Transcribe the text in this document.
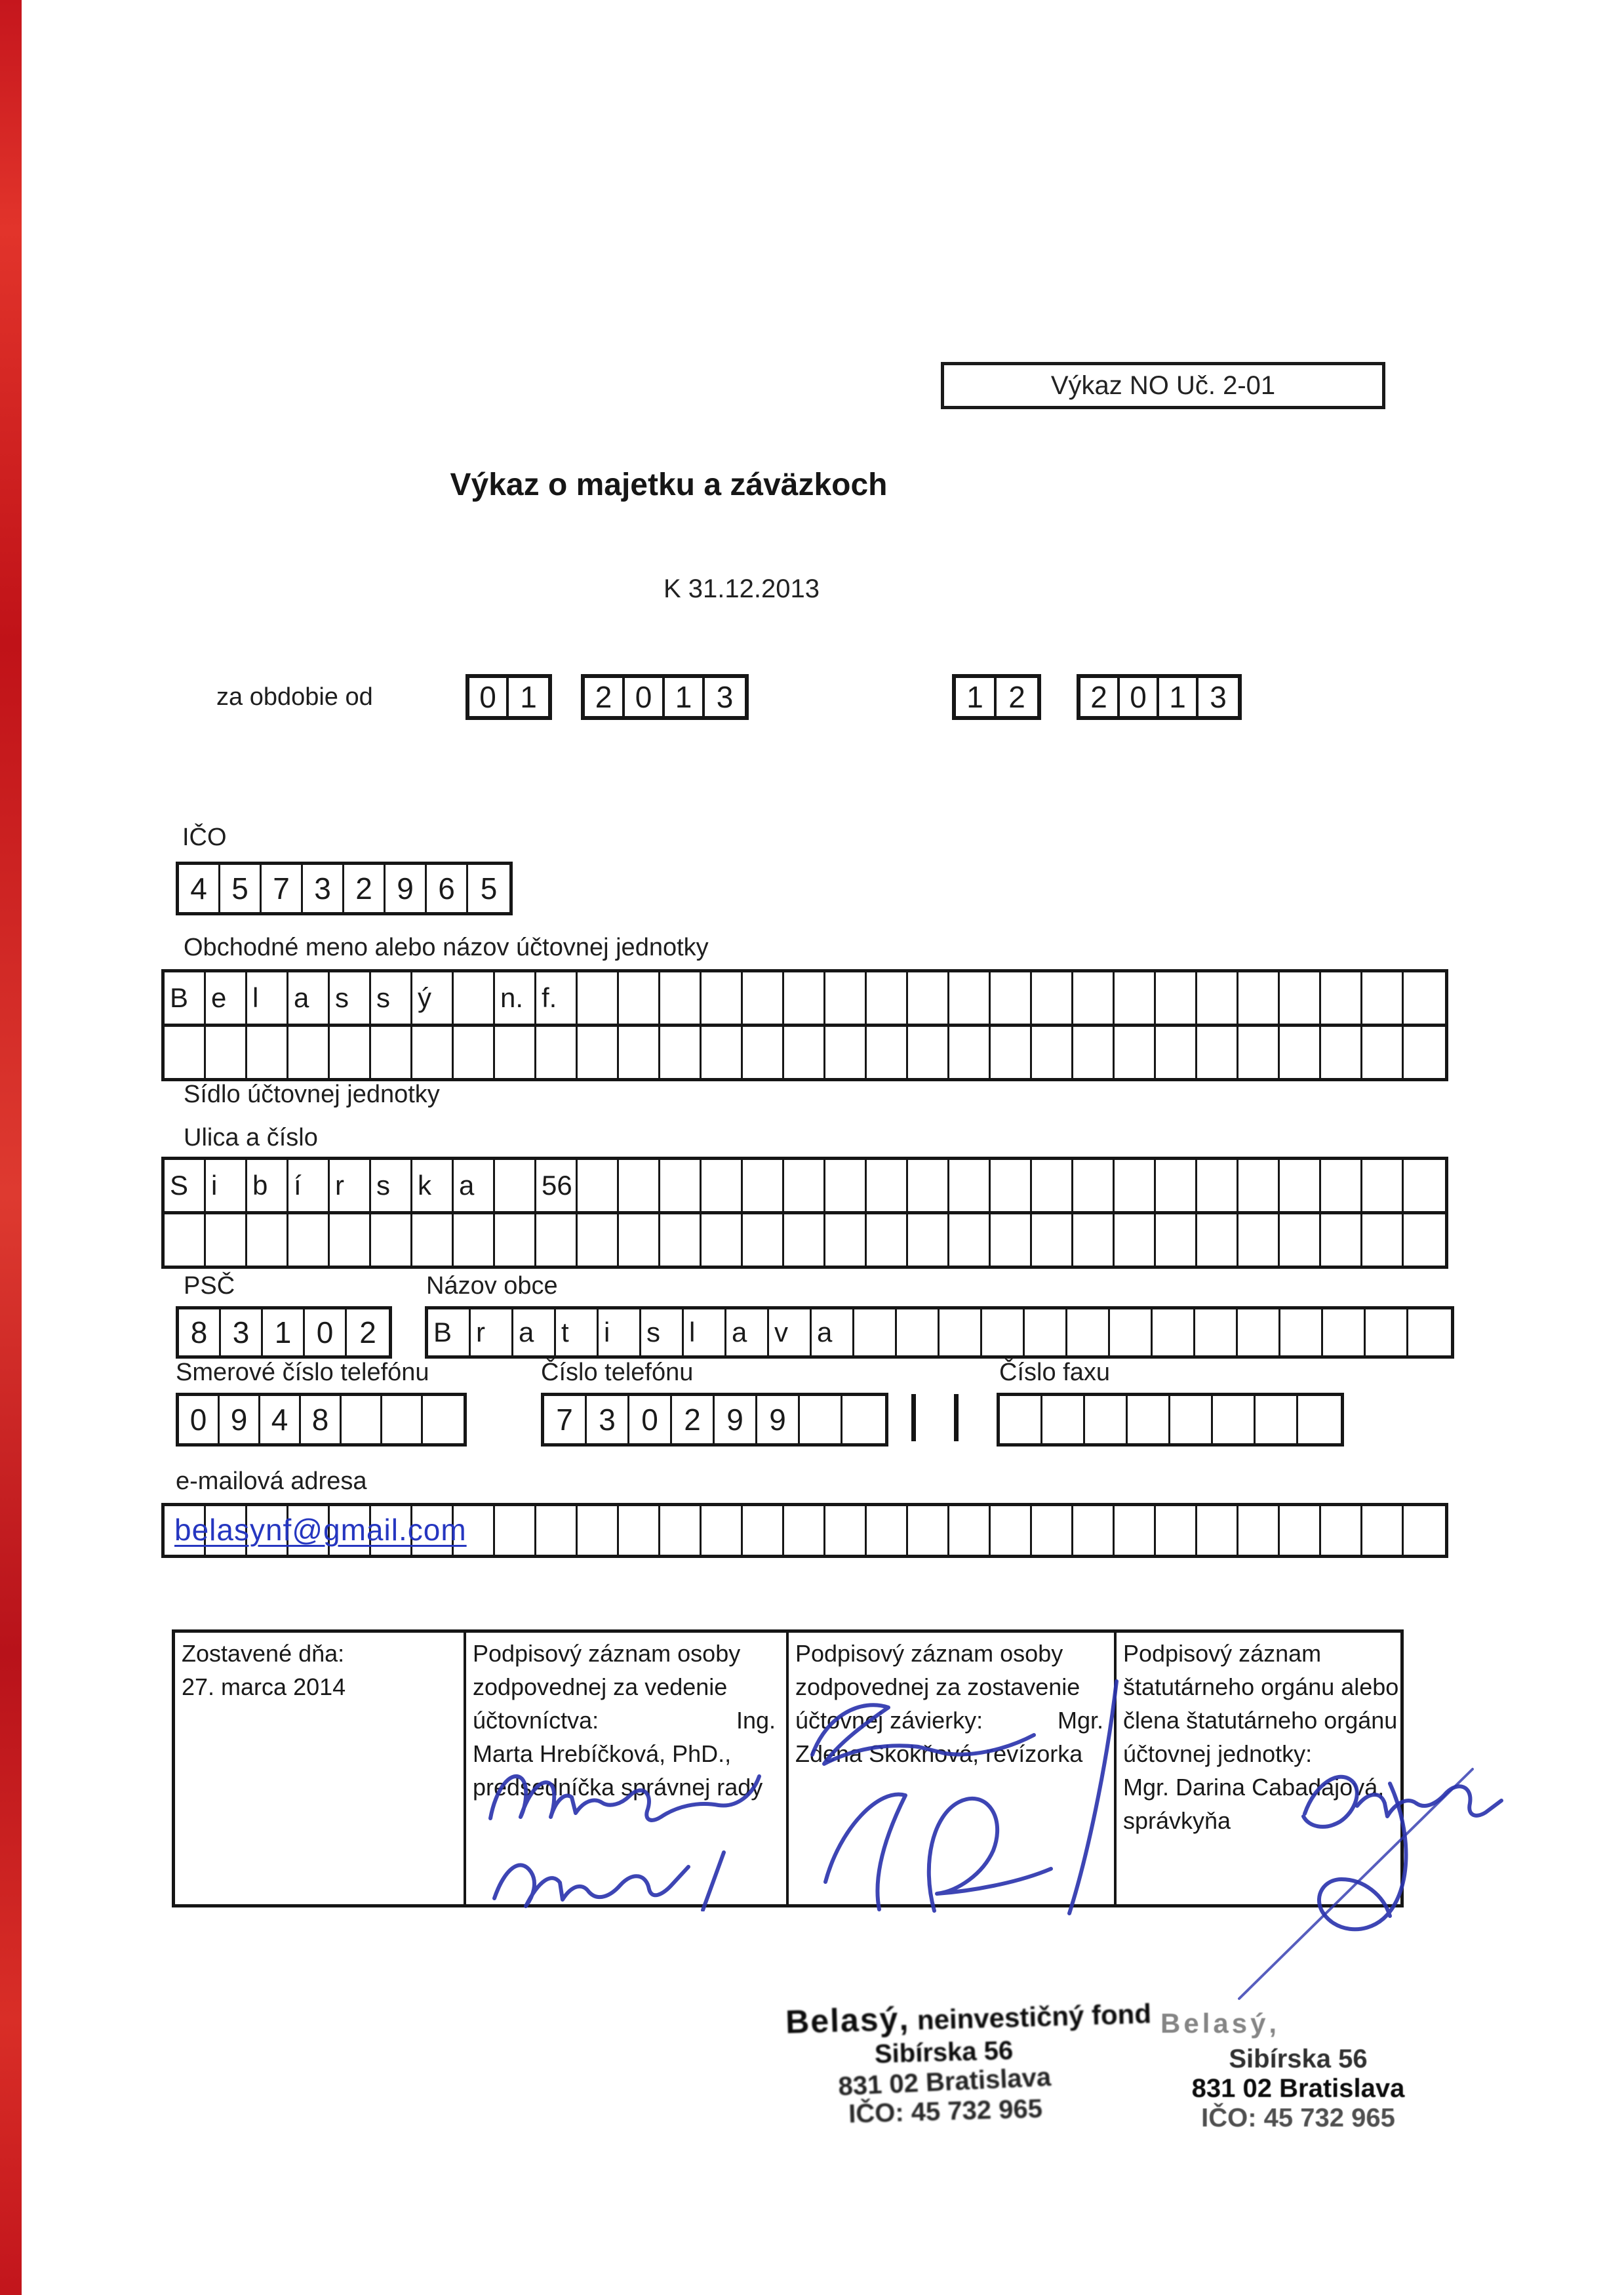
Výkaz NO Uč. 2-01
Výkaz o majetku a záväzkoch
K 31.12.2013
za obdobie od	0 1	2 0 1 3	1 2	2 0 1 3
IČO
4 5 7 3 2 9 6 5
Obchodné meno alebo názov účtovnej jednotky
B e l	a s	s	ý	n. f.
Sídlo účtovnej jednotky
Ulica a číslo
S i	b í	r	s	k	a	56
PSČ	Názov obce
8 3 1 0 2	B r	a t	i	s	l	a v	a
Smerové číslo telefónu	Číslo telefónu	Číslo faxu
0 9 4 8	7 3 0 2 9 9
e-mailová adresa
belasynf@gmail.com
Zostavené dňa:
27. marca 2014
Podpisový záznam osoby
zodpovednej za vedenie
účtovníctva:	Ing.
Marta Hrebíčková, PhD.,
predsedníčka správnej rady
Podpisový záznam osoby
zodpovednej za zostavenie
účtovnej závierky:	Mgr.
Zdena Skokňová, revízorka
Podpisový záznam
štatutárneho orgánu alebo
člena štatutárneho orgánu
účtovnej jednotky:
Mgr. Darina Cabadajová,
správkyňa
Belasý, neinvestičný fond
Sibírska 56
831 02 Bratislava
IČO: 45 732 965
Belasý,
Sibírska 56
831 02 Bratislava
IČO: 45 732 965
